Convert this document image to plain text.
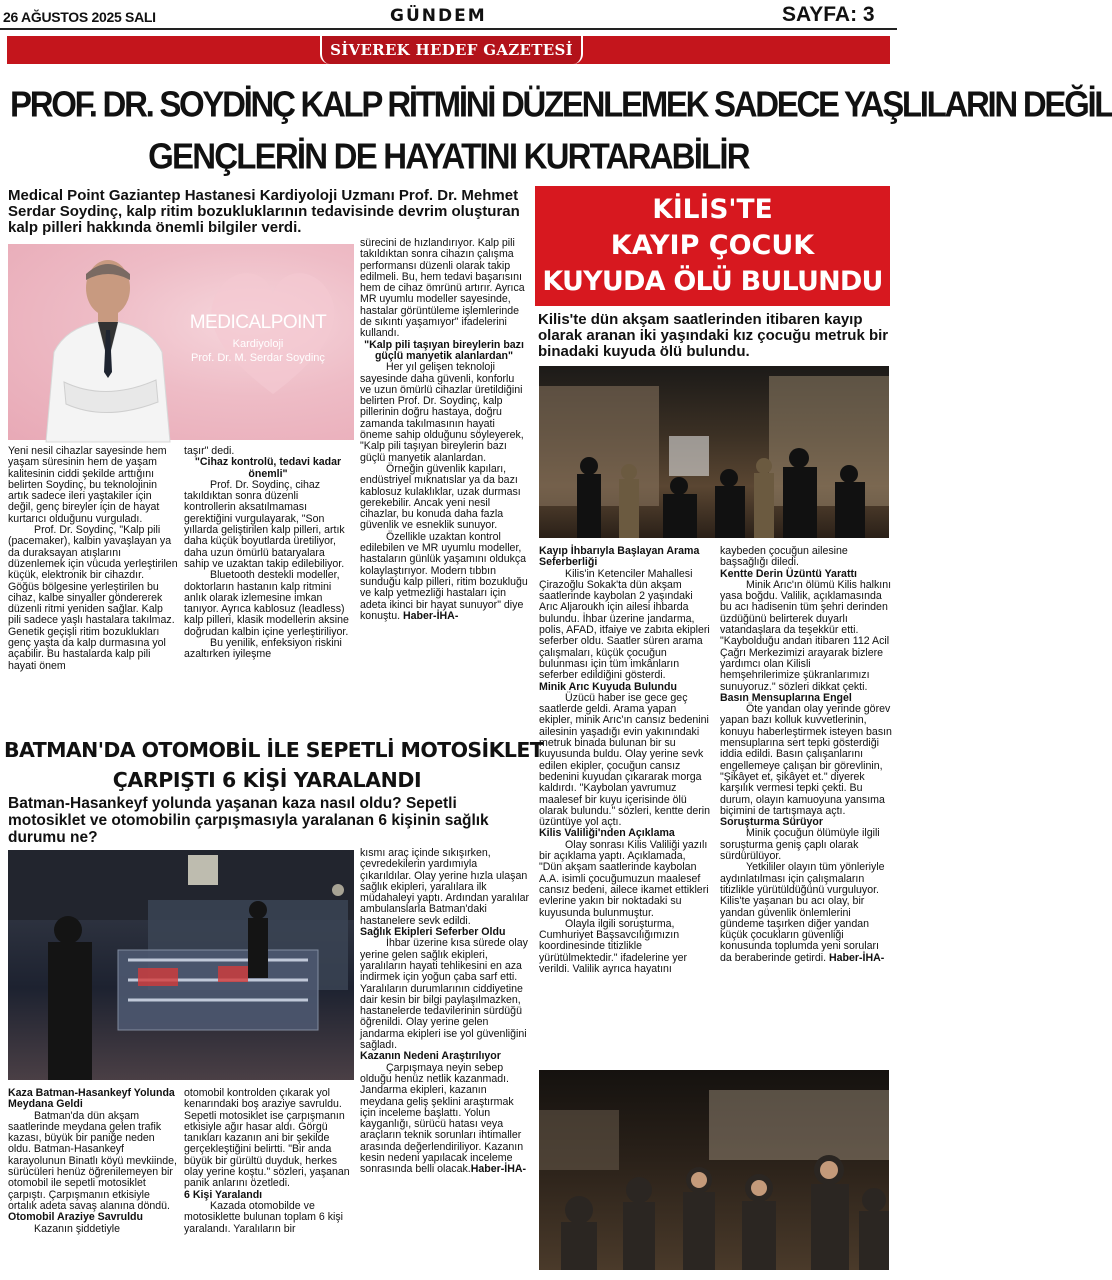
26 AĞUSTOS 2025 SALI	GÜNDEM	SAYFA: 3
SİVEREK HEDEF GAZETESİ
PROF. DR. SOYDİNÇ KALP RİTMİNİ DÜZENLEMEK SADECE YAŞLILARIN DEĞİL
GENÇLERİN DE HAYATINI KURTARABİLİR
Medical Point Gaziantep Hastanesi Kardiyoloji Uzmanı Prof. Dr. Mehmet Serdar Soydinç, kalp ritim bozukluklarının tedavisinde devrim oluşturan kalp pilleri hakkında önemli bilgiler verdi.
MEDICALPOINT
Kardiyoloji
Prof. Dr. M. Serdar Soydinç

Yeni nesil cihazlar sayesinde hem yaşam süresinin hem de yaşam kalitesinin ciddi şekilde arttığını belirten Soydinç, bu teknolojinin artık sadece ileri yaştakiler için değil, genç bireyler için de hayat kurtarıcı olduğunu vurguladı.

Prof. Dr. Soydinç, "Kalp pili (pacemaker), kalbin yavaşlayan ya da duraksayan atışlarını düzenlemek için vücuda yerleştirilen küçük, elektronik bir cihazdır. Göğüs bölgesine yerleştirilen bu cihaz, kalbe sinyaller göndererek düzenli ritmi yeniden sağlar. Kalp pili sadece yaşlı hastalara takılmaz. Genetik geçişli ritim bozuklukları genç yaşta da kalp durmasına yol açabilir. Bu hastalarda kalp pili hayati önem

taşır" dedi.

"Cihaz kontrolü, tedavi kadar önemli"

Prof. Dr. Soydinç, cihaz takıldıktan sonra düzenli kontrollerin aksatılmaması gerektiğini vurgulayarak, "Son yıllarda geliştirilen kalp pilleri, artık daha küçük boyutlarda üretiliyor, daha uzun ömürlü bataryalara sahip ve uzaktan takip edilebiliyor.

Bluetooth destekli modeller, doktorların hastanın kalp ritmini anlık olarak izlemesine imkan tanıyor. Ayrıca kablosuz (leadless) kalp pilleri, klasik modellerin aksine doğrudan kalbin içine yerleştiriliyor.

Bu yenilik, enfeksiyon riskini azaltırken iyileşme

sürecini de hızlandırıyor. Kalp pili takıldıktan sonra cihazın çalışma performansı düzenli olarak takip edilmeli. Bu, hem tedavi başarısını hem de cihaz ömrünü artırır. Ayrıca MR uyumlu modeller sayesinde, hastalar görüntüleme işlemlerinde de sıkıntı yaşamıyor" ifadelerini kullandı.

"Kalp pili taşıyan bireylerin bazı güçlü manyetik alanlardan"

Her yıl gelişen teknoloji sayesinde daha güvenli, konforlu ve uzun ömürlü cihazlar üretildiğini belirten Prof. Dr. Soydinç, kalp pillerinin doğru hastaya, doğru zamanda takılmasının hayati öneme sahip olduğunu söyleyerek, "Kalp pili taşıyan bireylerin bazı güçlü manyetik alanlardan.

Örneğin güvenlik kapıları, endüstriyel mıknatıslar ya da bazı kablosuz kulaklıklar, uzak durması gerekebilir. Ancak yeni nesil cihazlar, bu konuda daha fazla güvenlik ve esneklik sunuyor.

Özellikle uzaktan kontrol edilebilen ve MR uyumlu modeller, hastaların günlük yaşamını oldukça kolaylaştırıyor. Modern tıbbın sunduğu kalp pilleri, ritim bozukluğu ve kalp yetmezliği hastaları için adeta ikinci bir hayat sunuyor" diye konuştu. Haber-İHA-

KİLİS'TE
KAYIP ÇOCUK
KUYUDA ÖLÜ BULUNDU
Kilis'te dün akşam saatlerinden itibaren kayıp olarak aranan iki yaşındaki kız çocuğu metruk bir binadaki kuyuda ölü bulundu.

Kayıp İhbarıyla Başlayan Arama Seferberliği

Kilis'in Ketenciler Mahallesi Çirazoğlu Sokak'ta dün akşam saatlerinde kaybolan 2 yaşındaki Arıc Aljaroukh için ailesi ihbarda bulundu. İhbar üzerine jandarma, polis, AFAD, itfaiye ve zabıta ekipleri seferber oldu. Saatler süren arama çalışmaları, küçük çocuğun bulunması için tüm imkânların seferber edildiğini gösterdi.

Minik Arıc Kuyuda Bulundu

Üzücü haber ise gece geç saatlerde geldi. Arama yapan ekipler, minik Arıc'ın cansız bedenini ailesinin yaşadığı evin yakınındaki metruk binada bulunan bir su kuyusunda buldu. Olay yerine sevk edilen ekipler, çocuğun cansız bedenini kuyudan çıkararak morga kaldırdı. "Kaybolan yavrumuz maalesef bir kuyu içerisinde ölü olarak bulundu." sözleri, kentte derin üzüntüye yol açtı.

Kilis Valiliği'nden Açıklama

Olay sonrası Kilis Valiliği yazılı bir açıklama yaptı. Açıklamada, "Dün akşam saatlerinde kaybolan A.A. isimli çocuğumuzun maalesef cansız bedeni, ailece ikamet ettikleri evlerine yakın bir noktadaki su kuyusunda bulunmuştur.

Olayla ilgili soruşturma, Cumhuriyet Başsavcılığımızın koordinesinde titizlikle yürütülmektedir." ifadelerine yer verildi. Valilik ayrıca hayatını

kaybeden çocuğun ailesine başsağlığı diledi.

Kentte Derin Üzüntü Yarattı

Minik Arıc'ın ölümü Kilis halkını yasa boğdu. Valilik, açıklamasında bu acı hadisenin tüm şehri derinden üzdüğünü belirterek duyarlı vatandaşlara da teşekkür etti. "Kaybolduğu andan itibaren 112 Acil Çağrı Merkezimizi arayarak bizlere yardımcı olan Kilisli hemşehrilerimize şükranlarımızı sunuyoruz." sözleri dikkat çekti.

Basın Mensuplarına Engel

Öte yandan olay yerinde görev yapan bazı kolluk kuvvetlerinin, konuyu haberleştirmek isteyen basın mensuplarına sert tepki gösterdiği iddia edildi. Basın çalışanlarını engellemeye çalışan bir görevlinin, "Şikâyet et, şikâyet et." diyerek karşılık vermesi tepki çekti. Bu durum, olayın kamuoyuna yansıma biçimini de tartışmaya açtı.

Soruşturma Sürüyor

Minik çocuğun ölümüyle ilgili soruşturma geniş çaplı olarak sürdürülüyor.

Yetkililer olayın tüm yönleriyle aydınlatılması için çalışmaların titizlikle yürütüldüğünü vurguluyor. Kilis'te yaşanan bu acı olay, bir yandan güvenlik önlemlerini gündeme taşırken diğer yandan küçük çocukların güvenliği konusunda toplumda yeni soruları da beraberinde getirdi. Haber-İHA-

BATMAN'DA OTOMOBİL İLE SEPETLİ MOTOSİKLET
ÇARPIŞTI 6 KİŞİ YARALANDI
Batman-Hasankeyf yolunda yaşanan kaza nasıl oldu? Sepetli motosiklet ve otomobilin çarpışmasıyla yaralanan 6 kişinin sağlık durumu ne?

Kaza Batman-Hasankeyf Yolunda Meydana Geldi

Batman'da dün akşam saatlerinde meydana gelen trafik kazası, büyük bir paniğe neden oldu. Batman-Hasankeyf karayolunun Binatlı köyü mevkiinde, sürücüleri henüz öğrenilemeyen bir otomobil ile sepetli motosiklet çarpıştı. Çarpışmanın etkisiyle ortalık adeta savaş alanına döndü.

Otomobil Araziye Savruldu

Kazanın şiddetiyle

otomobil kontrolden çıkarak yol kenarındaki boş araziye savruldu. Sepetli motosiklet ise çarpışmanın etkisiyle ağır hasar aldı. Görgü tanıkları kazanın ani bir şekilde gerçekleştiğini belirtti. "Bir anda büyük bir gürültü duyduk, herkes olay yerine koştu." sözleri, yaşanan panik anlarını özetledi.

6 Kişi Yaralandı

Kazada otomobilde ve motosiklette bulunan toplam 6 kişi yaralandı. Yaralıların bir

kısmı araç içinde sıkışırken, çevredekilerin yardımıyla çıkarıldılar. Olay yerine hızla ulaşan sağlık ekipleri, yaralılara ilk müdahaleyi yaptı. Ardından yaralılar ambulanslarla Batman'daki hastanelere sevk edildi.

Sağlık Ekipleri Seferber Oldu

İhbar üzerine kısa sürede olay yerine gelen sağlık ekipleri, yaralıların hayati tehlikesini en aza indirmek için yoğun çaba sarf etti. Yaralıların durumlarının ciddiyetine dair kesin bir bilgi paylaşılmazken, hastanelerde tedavilerinin sürdüğü öğrenildi. Olay yerine gelen jandarma ekipleri ise yol güvenliğini sağladı.

Kazanın Nedeni Araştırılıyor

Çarpışmaya neyin sebep olduğu henüz netlik kazanmadı. Jandarma ekipleri, kazanın meydana geliş şeklini araştırmak için inceleme başlattı. Yolun kayganlığı, sürücü hatası veya araçların teknik sorunları ihtimaller arasında değerlendiriliyor. Kazanın kesin nedeni yapılacak inceleme sonrasında belli olacak.Haber-İHA-
